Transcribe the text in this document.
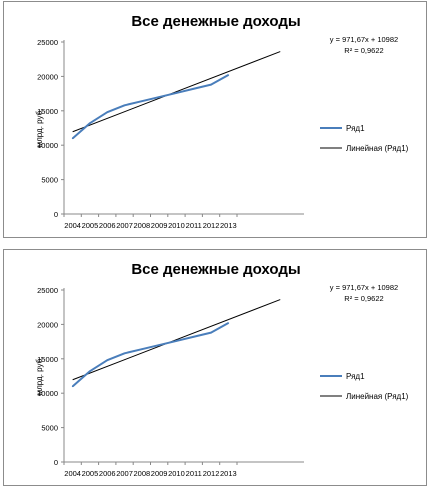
Все денежные доходы
0
5000
10000
15000
20000
25000
2004 2005 2006 2007 2008 2009 2010 2011 2012 2013
млрд. руб.
y = 971,67x + 10982
R² = 0,9622
Ряд1
Линейная (Ряд1)
Все денежные доходы
0
5000
10000
15000
20000
25000
2004 2005 2006 2007 2008 2009 2010 2011 2012 2013
млрд. руб.
y = 971,67x + 10982
R² = 0,9622
Ряд1
Линейная (Ряд1)
